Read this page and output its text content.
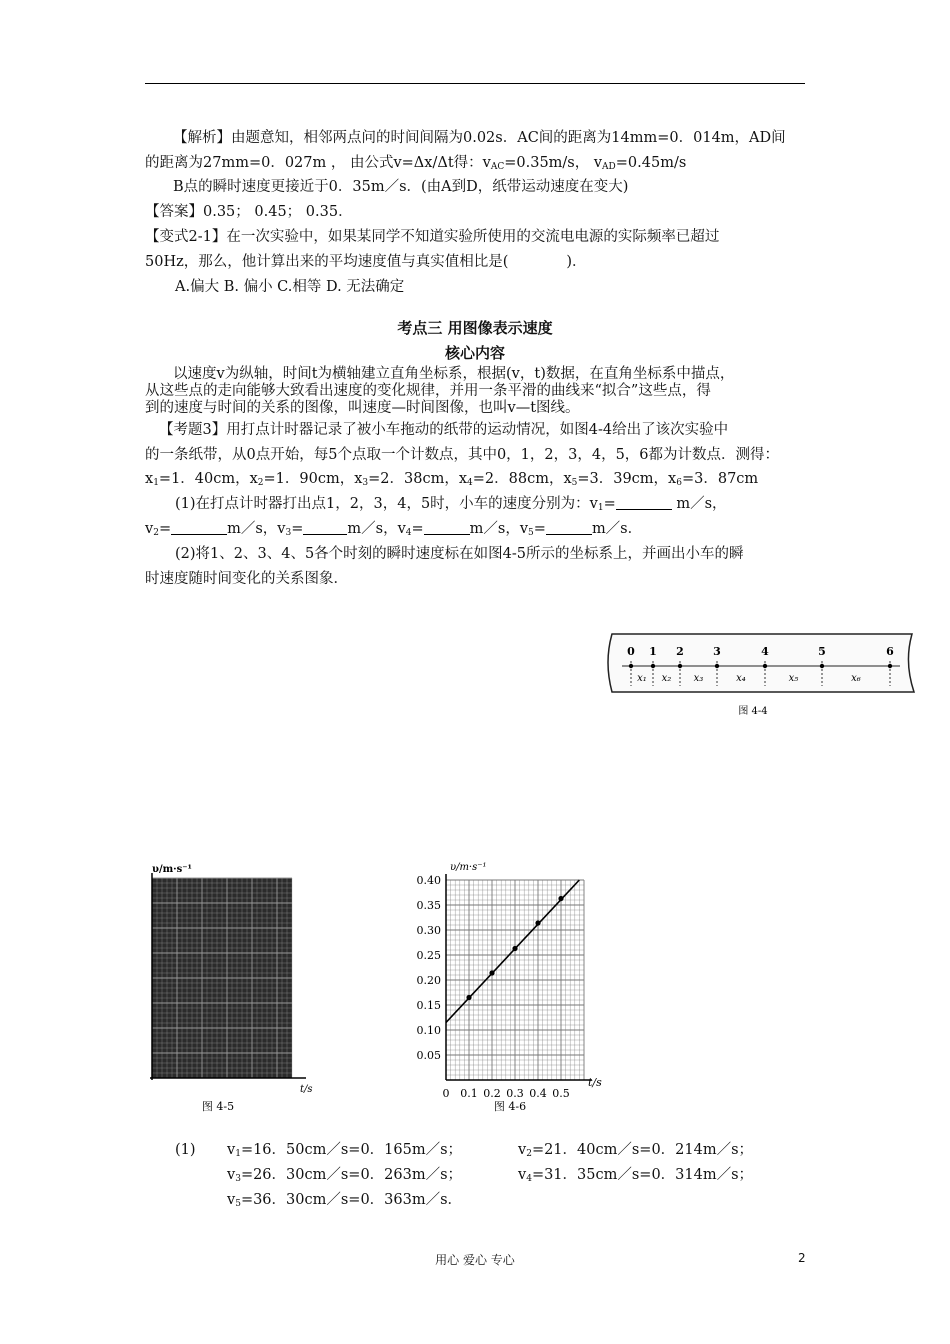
【解析】由题意知，相邻两点问的时间间隔为0.02s．AC间的距离为14mm=0．014m，AD间
的距离为27mm=0．027m ， 由公式v=Δx/Δt得：$v_{AC}=0.35m/s$， $v_{AD}=0.45m/s$
B点的瞬时速度更接近于0．35m／s．(由A到D，纸带运动速度在变大)
【答案】0.35； 0.45； 0.35．
【变式2-1】在一次实验中，如果某同学不知道实验所使用的交流电电源的实际频率已超过
50Hz，那么，他计算出来的平均速度值与真实值相比是(	)．
A.偏大 B. 偏小 C.相等 D. 无法确定
考点三 用图像表示速度
核心内容
以速度v为纵轴，时间t为横轴建立直角坐标系，根据(v，t)数据，在直角坐标系中描点，
从这些点的走向能够大致看出速度的变化规律，并用一条平滑的曲线来“拟合”这些点，得
到的速度与时间的关系的图像，叫速度—时间图像，也叫v—t图线。
【考题3】用打点计时器记录了被小车拖动的纸带的运动情况，如图4-4给出了该次实验中
的一条纸带，从0点开始，每5个点取一个计数点，其中0，1，2，3，4，5，6都为计数点．测得：
$x_1=1$．40cm，$x_2=1$．90cm，$x_3=2$．38cm，$x_4=2$．88cm，$x_5=3$．39cm，$x_6=3$．87cm
(1)在打点计时器打出点1，2，3，4，5时，小车的速度分别为：$v_1=$	m／s，
$v_2=$	m／s，$v_3=$	m／s，$v_4=$	m／s，$v_5=$	m／s．
(2)将1、2、3、4、5各个时刻的瞬时速度标在如图4-5所示的坐标系上，并画出小车的瞬
时速度随时间变化的关系图象．
0 1 2	3	4	5	6
x₁ x₂ x₃	x₄	x₅	x₆
图 4-4
υ/m·s⁻¹
t/s
图 4-5
0.40
0.35
0.30
0.25
0.20
0.15
0.10
0.05
0 0.1 0.2 0.3 0.4 0.5
υ/m·s⁻¹
t/s
图 4-6
(1) $v_1=16$．50cm／s=0．165m／s；	$v_2=21$．40cm／s=0．214m／s；
$v_3=26$．30cm／s=0．263m／s；	$v_4=31$．35cm／s=0．314m／s；
$v_5=36$．30cm／s=0．363m／s．
用心 爱心 专心	2
